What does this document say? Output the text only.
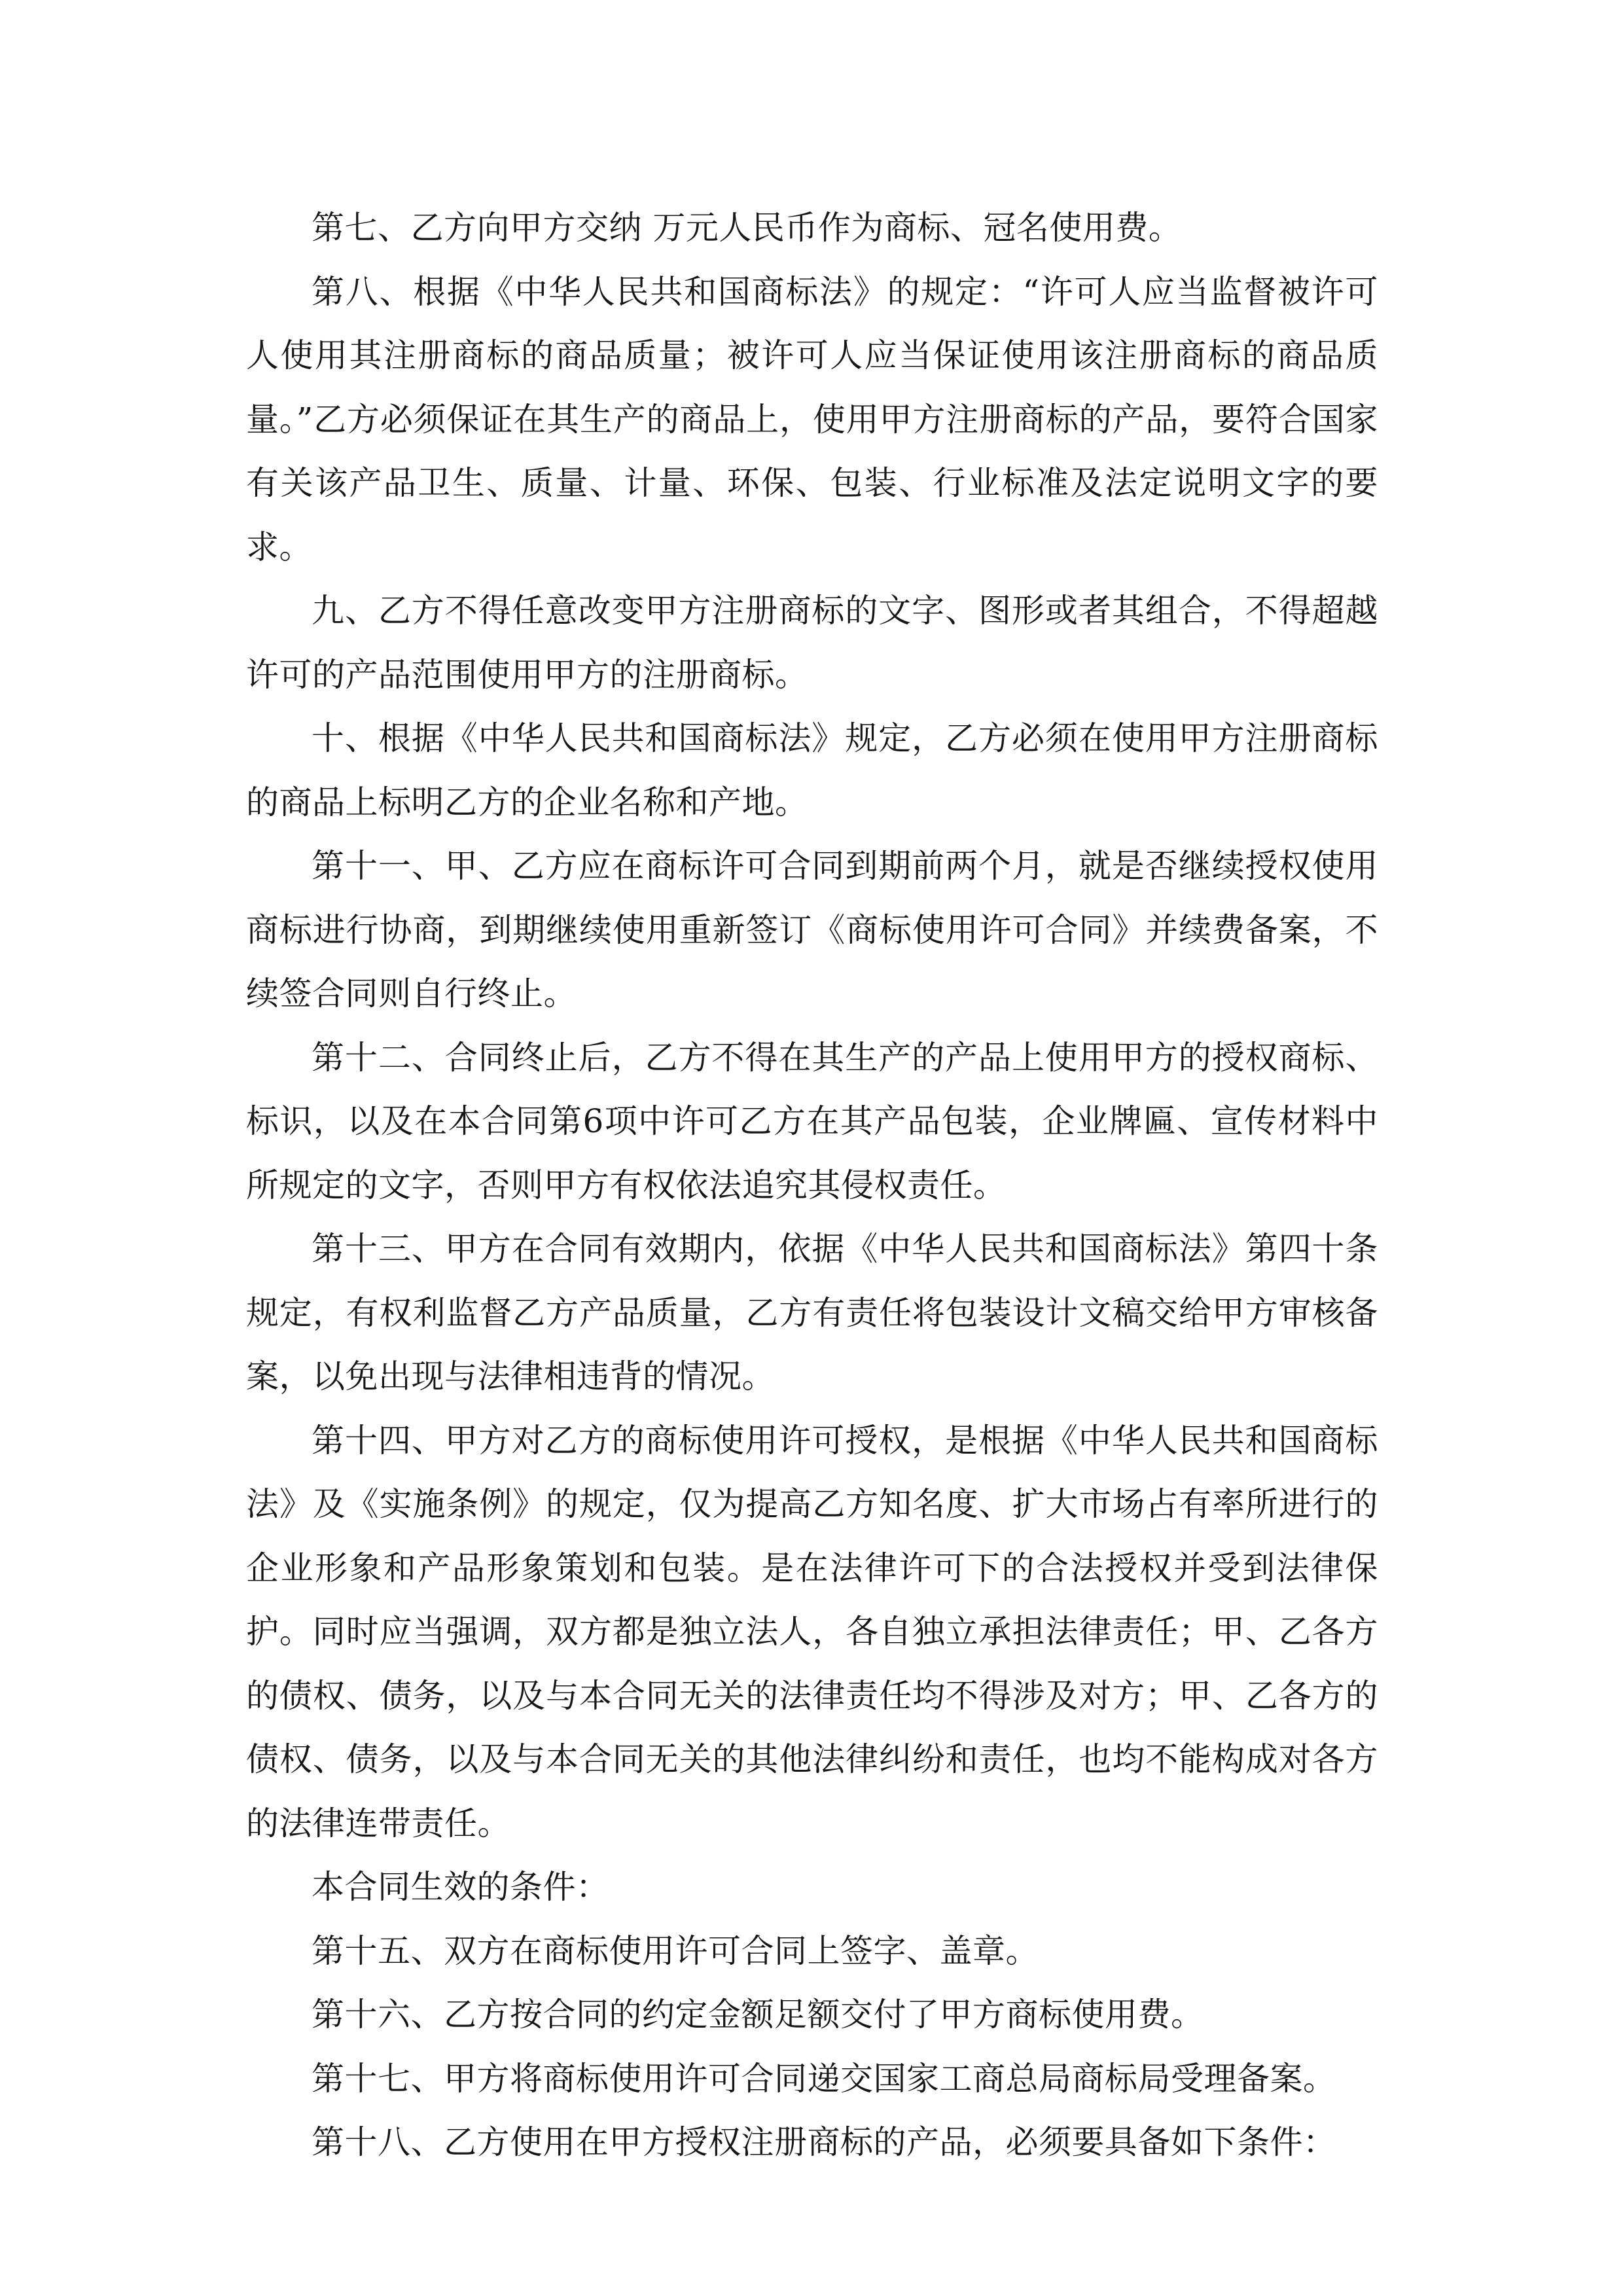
第七、乙方向甲方交纳 万元人民币作为商标、冠名使用费。

第八、根据《中华人民共和国商标法》的规定：“许可人应当监督被许可人使用其注册商标的商品质量；被许可人应当保证使用该注册商标的商品质量。”乙方必须保证在其生产的商品上，使用甲方注册商标的产品，要符合国家有关该产品卫生、质量、计量、环保、包装、行业标准及法定说明文字的要求。

九、乙方不得任意改变甲方注册商标的文字、图形或者其组合，不得超越许可的产品范围使用甲方的注册商标。

十、根据《中华人民共和国商标法》规定，乙方必须在使用甲方注册商标的商品上标明乙方的企业名称和产地。

第十一、甲、乙方应在商标许可合同到期前两个月，就是否继续授权使用商标进行协商，到期继续使用重新签订《商标使用许可合同》并续费备案，不续签合同则自行终止。

第十二、合同终止后，乙方不得在其生产的产品上使用甲方的授权商标、标识，以及在本合同第6项中许可乙方在其产品包装，企业牌匾、宣传材料中所规定的文字，否则甲方有权依法追究其侵权责任。

第十三、甲方在合同有效期内，依据《中华人民共和国商标法》第四十条规定，有权利监督乙方产品质量，乙方有责任将包装设计文稿交给甲方审核备案，以免出现与法律相违背的情况。

第十四、甲方对乙方的商标使用许可授权，是根据《中华人民共和国商标法》及《实施条例》的规定，仅为提高乙方知名度、扩大市场占有率所进行的企业形象和产品形象策划和包装。是在法律许可下的合法授权并受到法律保护。同时应当强调，双方都是独立法人，各自独立承担法律责任；甲、乙各方的债权、债务，以及与本合同无关的法律责任均不得涉及对方；甲、乙各方的债权、债务，以及与本合同无关的其他法律纠纷和责任，也均不能构成对各方的法律连带责任。

本合同生效的条件：

第十五、双方在商标使用许可合同上签字、盖章。

第十六、乙方按合同的约定金额足额交付了甲方商标使用费。

第十七、甲方将商标使用许可合同递交国家工商总局商标局受理备案。

第十八、乙方使用在甲方授权注册商标的产品，必须要具备如下条件：
